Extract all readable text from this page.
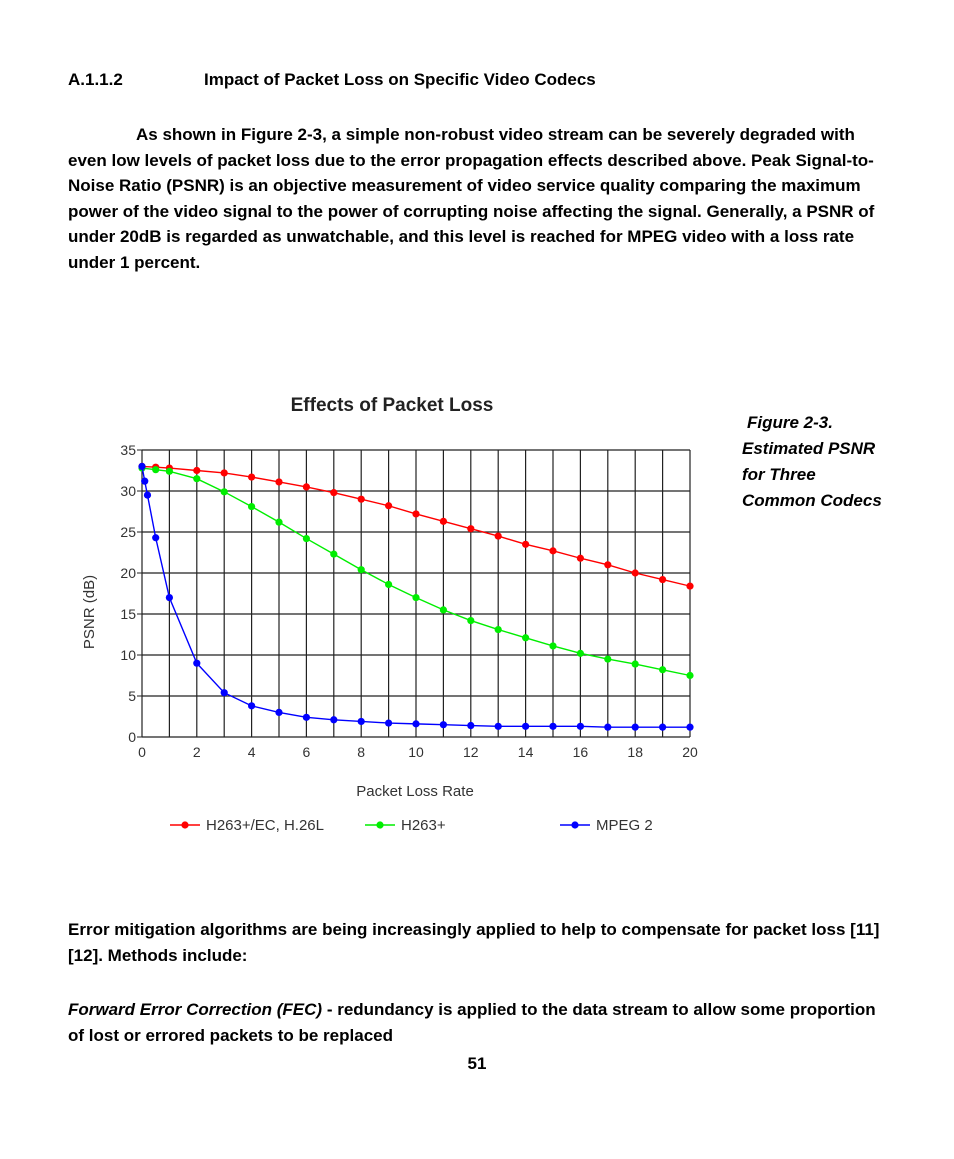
A.1.1.2	Impact of Packet Loss on Specific Video Codecs
As shown in Figure 2-3, a simple non-robust video stream can be severely degraded with even low levels of packet loss due to the error propagation effects described above. Peak Signal-to-Noise Ratio (PSNR) is an objective measurement of video service quality comparing the maximum power of the video signal to the power of corrupting noise affecting the signal. Generally, a PSNR of under 20dB is regarded as unwatchable, and this level is reached for MPEG video with a loss rate under 1 percent.
Effects of Packet Loss
0
5
10
15
20
25
30
35
0	2	4	6	8	10	12	14	16	18	20
PSNR (dB)
Packet Loss Rate
H263+/EC, H.26L	H263+	MPEG 2
Figure 2-3.
Estimated PSNR
for Three
Common Codecs
Error mitigation algorithms are being increasingly applied to help to compensate for packet loss [11][12]. Methods include:
Forward Error Correction (FEC) - redundancy is applied to the data stream to allow some proportion of lost or errored packets to be replaced
51
